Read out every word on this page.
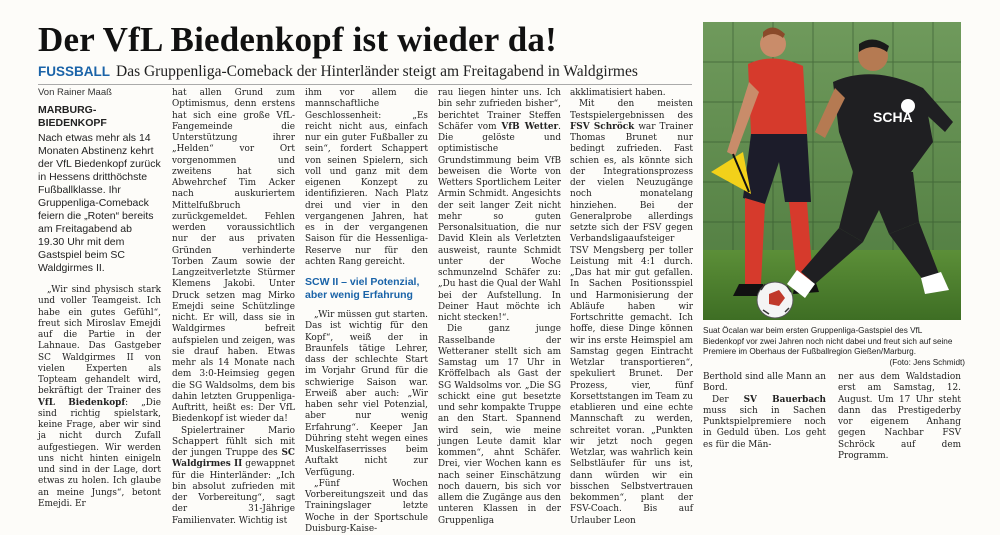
Der VfL Biedenkopf ist wieder da!
FUSSBALL Das Gruppenliga-Comeback der Hinterländer steigt am Freitagabend in Waldgirmes
Von Rainer Maaß
MARBURG-BIEDENKOPF
Nach etwas mehr als 14 Monaten Abstinenz kehrt der VfL Biedenkopf zurück in Hessens dritthöchste Fußballklasse. Ihr Gruppenliga-Comeback feiern die „Roten“ bereits am Freitagabend ab 19.30 Uhr mit dem Gastspiel beim SC Waldgirmes II.

„Wir sind physisch stark und voller Teamgeist. Ich habe ein gutes Gefühl“, freut sich Miroslav Emejdi auf die Partie in der Lahnaue. Das Gastgeber SC Waldgirmes II von vielen Experten als Topteam gehandelt wird, bekräftigt der Trainer des VfL Biedenkopf: „Die sind richtig spielstark, keine Frage, aber wir sind ja nicht durch Zufall aufgestiegen. Wir werden uns nicht hinten einigeln und sind in der Lage, dort etwas zu holen. Ich glaube an meine Jungs“, betont Emejdi. Er

hat allen Grund zum Optimismus, denn erstens hat sich eine große VfL-Fangemeinde die Unterstützung ihrer „Helden“ vor Ort vorgenommen und zweitens hat sich Abwehrchef Tim Acker nach auskuriertem Mittelfußbruch zurückgemeldet. Fehlen werden voraussichtlich nur der aus privaten Gründen verhinderte Torben Zaum sowie der Langzeitverletzte Stürmer Klemens Jakobi. Unter Druck setzen mag Mirko Emejdi seine Schützlinge nicht. Er will, dass sie in Waldgirmes befreit aufspielen und zeigen, was sie drauf haben. Etwas mehr als 14 Monate nach dem 3:0-Heimsieg gegen die SG Waldsolms, dem bis dahin letzten Gruppenliga-Auftritt, heißt es: Der VfL Biedenkopf ist wieder da!

Spielertrainer Mario Schappert fühlt sich mit der jungen Truppe des SC Waldgirmes II gewappnet für die Hinterländer: „Ich bin absolut zufrieden mit der Vorbereitung“, sagt der 31-Jährige Familienvater. Wichtig ist

ihm vor allem die mannschaftliche Geschlossenheit: „Es reicht nicht aus, einfach nur ein guter Fußballer zu sein“, fordert Schappert von seinen Spielern, sich voll und ganz mit dem eigenen Konzept zu identifizieren. Nach Platz drei und vier in den vergangenen Jahren, hat es in der vergangenen Saison für die Hessenliga-Reserve nur für den achten Rang gereicht.

SCW II – viel Potenzial, aber wenig Erfahrung

„Wir müssen gut starten. Das ist wichtig für den Kopf“, weiß der in Braunfels tätige Lehrer, dass der schlechte Start im Vorjahr Grund für die schwierige Saison war. Erweiß aber auch: „Wir haben sehr viel Potenzial, aber nur wenig Erfahrung“. Keeper Jan Dühring steht wegen eines Muskelfaserrisses beim Auftakt nicht zur Verfügung.

„Fünf Wochen Vorbereitungszeit und das Trainingslager letzte Woche in der Sportschule Duisburg-Kaise-

rau liegen hinter uns. Ich bin sehr zufrieden bisher“, berichtet Trainer Steffen Schäfer vom VfB Wetter. Die gelöste und optimistische Grundstimmung beim VfB beweisen die Worte von Wetters Sportlichem Leiter Armin Schmidt. Angesichts der seit langer Zeit nicht mehr so guten Personalsituation, die nur David Klein als Verletzten ausweist, raunte Schmidt unter der Woche schmunzelnd Schäfer zu: „Du hast die Qual der Wahl bei der Aufstellung. In Deiner Haut möchte ich nicht stecken!“.

Die ganz junge Rasselbande der Wetteraner stellt sich am Samstag um 17 Uhr in Kröffelbach als Gast der SG Waldsolms vor. „Die SG schickt eine gut besetzte und sehr kompakte Truppe an den Start. Spannend wird sein, wie meine jungen Leute damit klar kommen“, ahnt Schäfer. Drei, vier Wochen kann es nach seiner Einschätzung noch dauern, bis sich vor allem die Zugänge aus den unteren Klassen in der Gruppenliga

akklimatisiert haben.

Mit den meisten Testspielergebnissen des FSV Schröck war Trainer Thomas Brunet nur bedingt zufrieden. Fast schien es, als könnte sich der Integrationsprozess der vielen Neuzugänge noch monatelang hinziehen. Bei der Generalprobe allerdings setzte sich der FSV gegen Verbandsligaaufsteiger TSV Mengsberg per toller Leistung mit 4:1 durch. „Das hat mir gut gefallen. In Sachen Positionsspiel und Harmonisierung der Abläufe haben wir Fortschritte gemacht. Ich hoffe, diese Dinge können wir ins erste Heimspiel am Samstag gegen Eintracht Wetzlar transportieren“, spekuliert Brunet. Der Prozess, vier, fünf Korsettstangen im Team zu etablieren und eine echte Mannschaft zu werden, schreitet voran. „Punkten wir jetzt noch gegen Wetzlar, was wahrlich kein Selbstläufer für uns ist, dann würden wir ein bisschen Selbstvertrauen bekommen“, plant der FSV-Coach. Bis auf Urlauber Leon

SCHA
Suat Öcalan war beim ersten Gruppenliga-Gastspiel des VfL Biedenkopf vor zwei Jahren noch nicht dabei und freut sich auf seine Premiere im Oberhaus der Fußballregion Gießen/Marburg.
(Foto: Jens Schmidt)

Berthold sind alle Mann an Bord.

Der SV Bauerbach muss sich in Sachen Punktspielpremiere noch in Geduld üben. Los geht es für die Män-

ner aus dem Waldstadion erst am Samstag, 12. August. Um 17 Uhr steht dann das Prestigederby vor eigenem Anhang gegen Nachbar FSV Schröck auf dem Programm.
